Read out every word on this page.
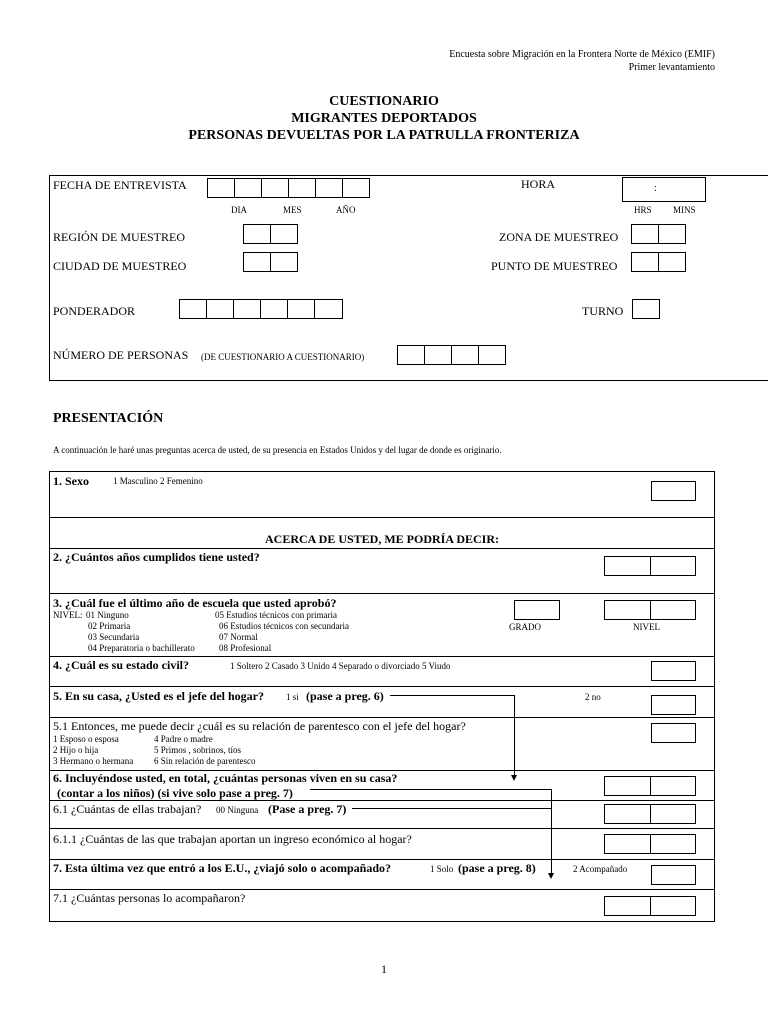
Encuesta sobre Migración en la Frontera Norte de México (EMIF)
Primer levantamiento
CUESTIONARIO
MIGRANTES DEPORTADOS
PERSONAS DEVUELTAS POR LA PATRULLA FRONTERIZA
FECHA DE ENTREVISTA
DIA	MES	AÑO
HORA	:
HRS MINS
REGIÓN DE MUESTREO	ZONA DE MUESTREO
CIUDAD DE MUESTREO	PUNTO DE MUESTREO
PONDERADOR	TURNO
NÚMERO DE PERSONAS (DE CUESTIONARIO A CUESTIONARIO)
PRESENTACIÓN
A continuación le haré unas preguntas acerca de usted, de su presencia en Estados Unidos y del lugar de donde es originario.
1. Sexo	1 Masculino 2 Femenino
ACERCA DE USTED, ME PODRÍA DECIR:
2. ¿Cuántos años cumplidos tiene usted?
3. ¿Cuál fue el último año de escuela que usted aprobó?
NIVEL: 01 Ninguno
02 Primaria
03 Secundaria
04 Preparatoria o bachillerato
05 Estudios técnicos con primaria
06 Estudios técnicos con secundaria
07 Normal
08 Profesional
GRADO	NIVEL
4. ¿Cuál es su estado civil?	1 Soltero 2 Casado 3 Unido 4 Separado o divorciado 5 Viudo
5. En su casa, ¿Usted es el jefe del hogar? 1 si (pase a preg. 6)	2 no
5.1 Entonces, me puede decir ¿cuál es su relación de parentesco con el jefe del hogar?
1 Esposo o esposa
2 Hijo o hija
3 Hermano o hermana
4 Padre o madre
5 Primos , sobrinos, tíos
6 Sin relación de parentesco
6. Incluyéndose usted, en total, ¿cuántas personas viven en su casa?
(contar a los niños) (si vive solo pase a preg. 7)
6.1 ¿Cuántas de ellas trabajan? 00 Ninguna (Pase a preg. 7)
6.1.1 ¿Cuántas de las que trabajan aportan un ingreso económico al hogar?
7. Esta última vez que entró a los E.U., ¿viajó solo o acompañado?	1 Solo (pase a preg. 8)	2 Acompañado
7.1 ¿Cuántas personas lo acompañaron?
1
